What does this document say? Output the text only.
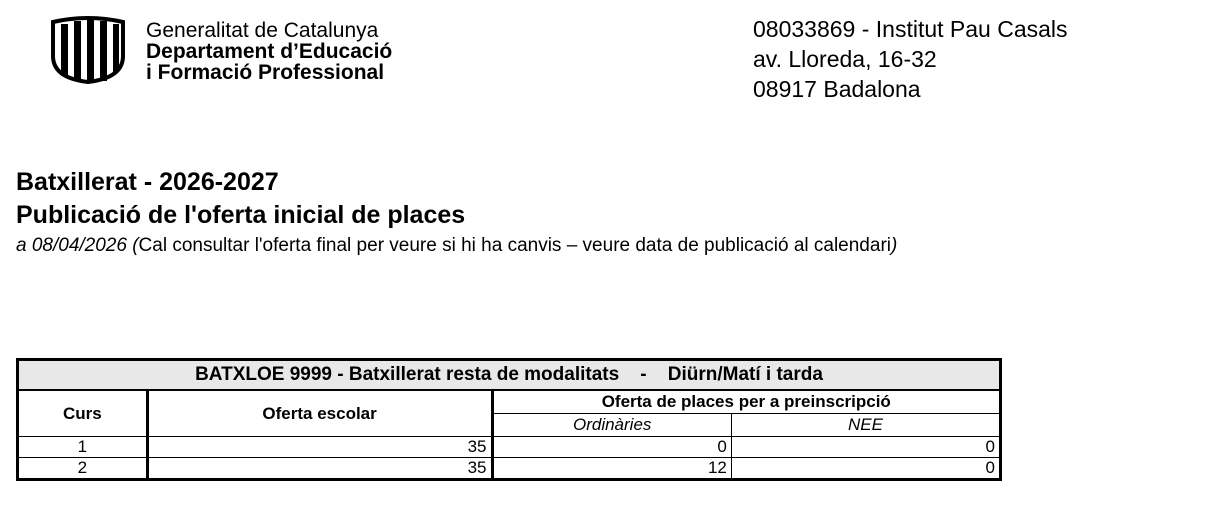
Generalitat de Catalunya
Departament d’Educació
i Formació Professional
08033869 - Institut Pau Casals
av. Lloreda, 16-32
08917 Badalona
Batxillerat - 2026-2027
Publicació de l'oferta inicial de places
a 08/04/2026 (Cal consultar l'oferta final per veure si hi ha canvis – veure data de publicació al calendari)
BATXLOE 9999 - Batxillerat resta de modalitats    -    Diürn/Matí i tarda			
Curs	Oferta escolar	Oferta de places per a preinscripció	
		Ordinàries	NEE
1	35	0	0
2	35	12	0
